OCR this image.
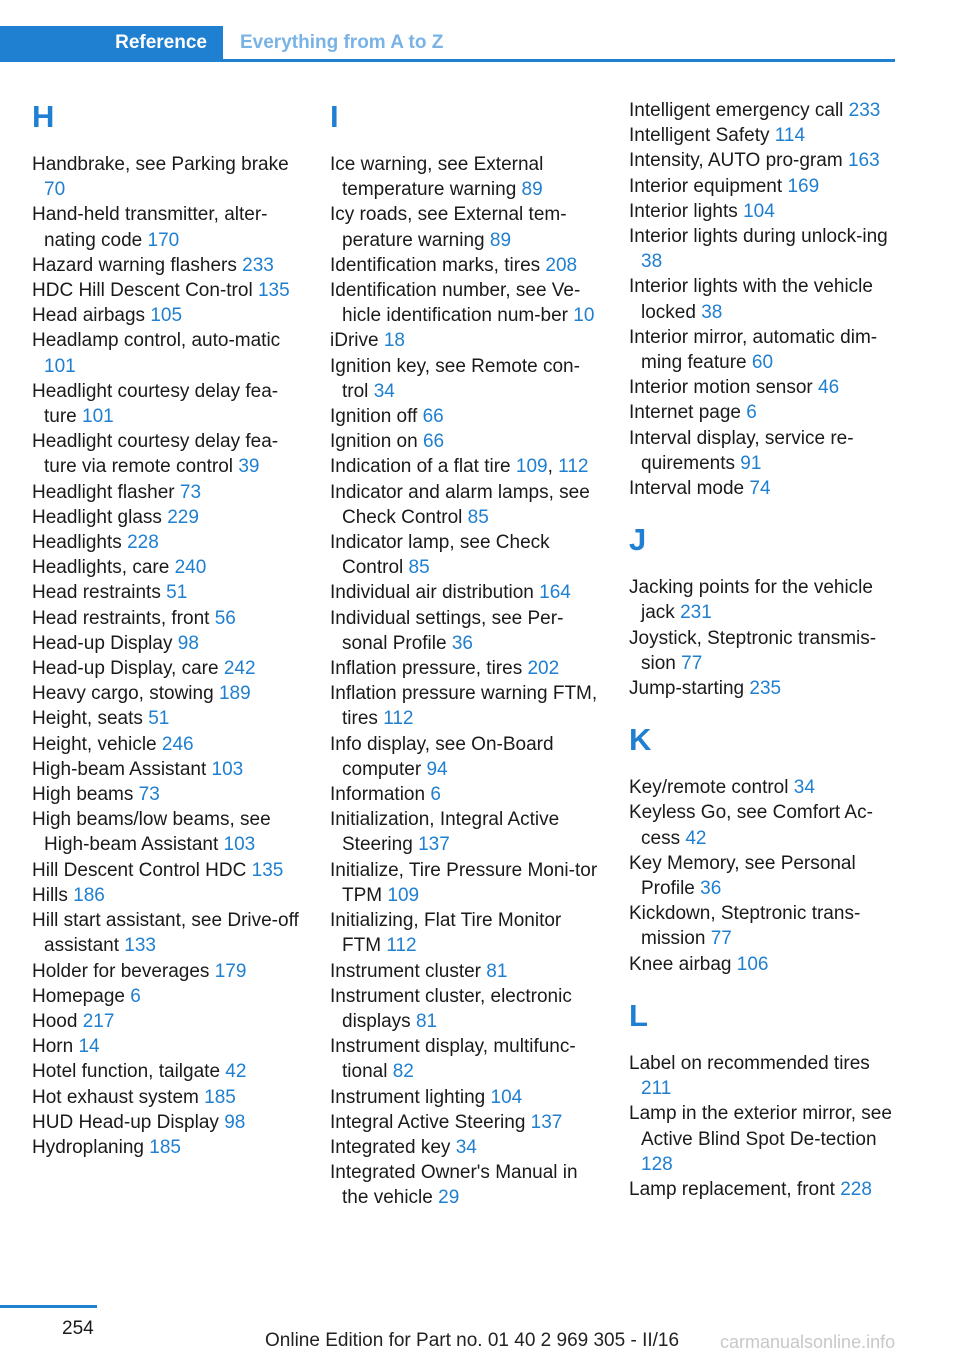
Reference	Everything from A to Z
H
Handbrake, see Parking brake 70
Hand-held transmitter, alter-nating code 170
Hazard warning flashers 233
HDC Hill Descent Con-trol 135
Head airbags 105
Headlamp control, auto-matic 101
Headlight courtesy delay fea-ture 101
Headlight courtesy delay fea-ture via remote control 39
Headlight flasher 73
Headlight glass 229
Headlights 228
Headlights, care 240
Head restraints 51
Head restraints, front 56
Head-up Display 98
Head-up Display, care 242
Heavy cargo, stowing 189
Height, seats 51
Height, vehicle 246
High-beam Assistant 103
High beams 73
High beams/low beams, see High-beam Assistant 103
Hill Descent Control HDC 135
Hills 186
Hill start assistant, see Drive-off assistant 133
Holder for beverages 179
Homepage 6
Hood 217
Horn 14
Hotel function, tailgate 42
Hot exhaust system 185
HUD Head-up Display 98
Hydroplaning 185
I
Ice warning, see External temperature warning 89
Icy roads, see External tem-perature warning 89
Identification marks, tires 208
Identification number, see Ve-hicle identification num-ber 10
iDrive 18
Ignition key, see Remote con-trol 34
Ignition off 66
Ignition on 66
Indication of a flat tire 109, 112
Indicator and alarm lamps, see Check Control 85
Indicator lamp, see Check Control 85
Individual air distribution 164
Individual settings, see Per-sonal Profile 36
Inflation pressure, tires 202
Inflation pressure warning FTM, tires 112
Info display, see On-Board computer 94
Information 6
Initialization, Integral Active Steering 137
Initialize, Tire Pressure Moni-tor TPM 109
Initializing, Flat Tire Monitor FTM 112
Instrument cluster 81
Instrument cluster, electronic displays 81
Instrument display, multifunc-tional 82
Instrument lighting 104
Integral Active Steering 137
Integrated key 34
Integrated Owner's Manual in the vehicle 29
Intelligent emergency call 233
Intelligent Safety 114
Intensity, AUTO pro-gram 163
Interior equipment 169
Interior lights 104
Interior lights during unlock-ing 38
Interior lights with the vehicle locked 38
Interior mirror, automatic dim-ming feature 60
Interior motion sensor 46
Internet page 6
Interval display, service re-quirements 91
Interval mode 74
J
Jacking points for the vehicle jack 231
Joystick, Steptronic transmis-sion 77
Jump-starting 235
K
Key/remote control 34
Keyless Go, see Comfort Ac-cess 42
Key Memory, see Personal Profile 36
Kickdown, Steptronic trans-mission 77
Knee airbag 106
L
Label on recommended tires 211
Lamp in the exterior mirror, see Active Blind Spot De-tection 128
Lamp replacement, front 228
254
Online Edition for Part no. 01 40 2 969 305 - II/16 carmanualsonline.info
